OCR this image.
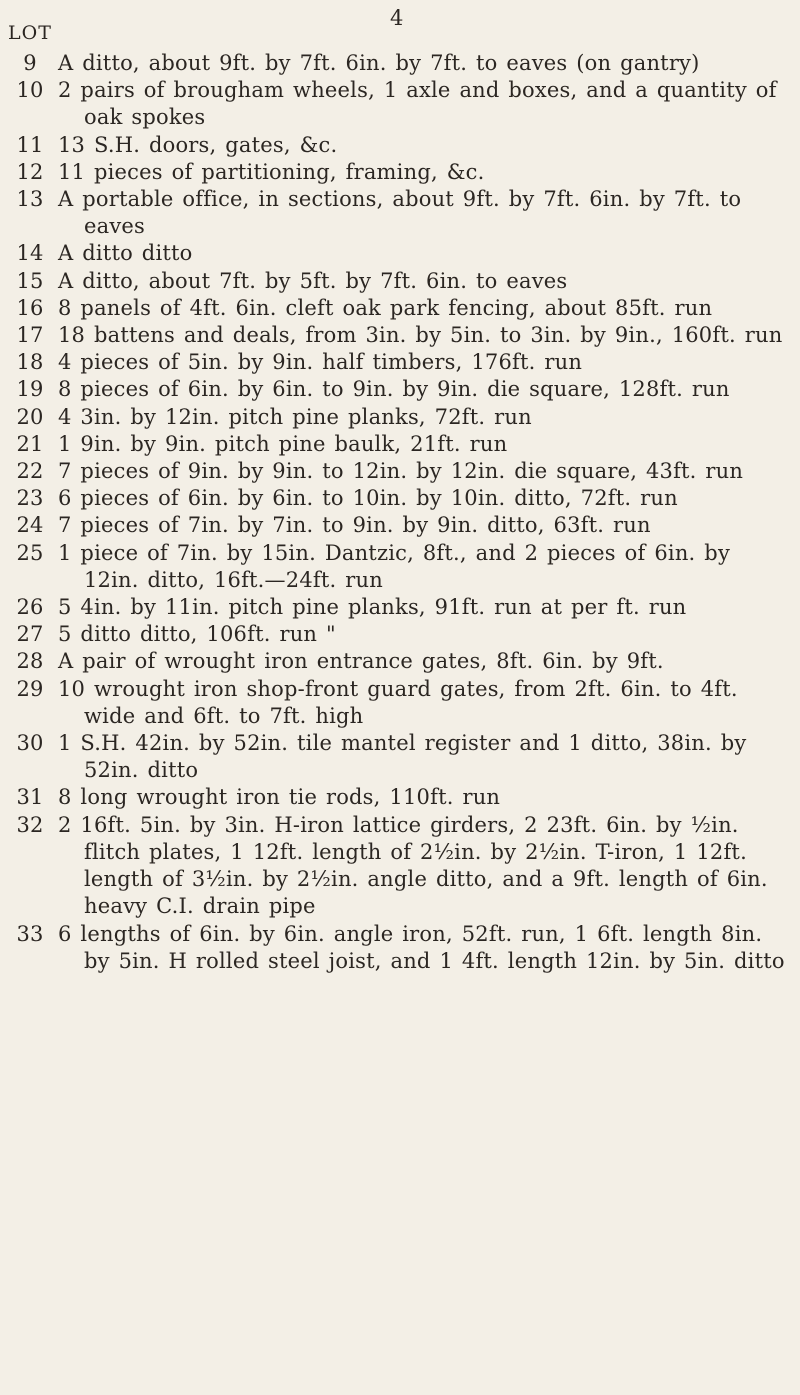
4
LOT
9	A ditto, about 9ft. by 7ft. 6in. by 7ft. to eaves (on gantry)
10 2 pairs of brougham wheels, 1 axle and boxes, and a quantity of oak spokes
11 13 S.H. doors, gates, &c.
12 11 pieces of partitioning, framing, &c.
13 A portable office, in sections, about 9ft. by 7ft. 6in. by 7ft. to eaves
14 A ditto ditto
15 A ditto, about 7ft. by 5ft. by 7ft. 6in. to eaves
16 8 panels of 4ft. 6in. cleft oak park fencing, about 85ft. run
17 18 battens and deals, from 3in. by 5in. to 3in. by 9in., 160ft. run
18 4 pieces of 5in. by 9in. half timbers, 176ft. run
19 8 pieces of 6in. by 6in. to 9in. by 9in. die square, 128ft. run
20 4 3in. by 12in. pitch pine planks, 72ft. run
21 1 9in. by 9in. pitch pine baulk, 21ft. run
22 7 pieces of 9in. by 9in. to 12in. by 12in. die square, 43ft. run
23 6 pieces of 6in. by 6in. to 10in. by 10in. ditto, 72ft. run
24 7 pieces of 7in. by 7in. to 9in. by 9in. ditto, 63ft. run
25 1 piece of 7in. by 15in. Dantzic, 8ft., and 2 pieces of 6in. by 12in. ditto, 16ft.—24ft. run
26 5 4in. by 11in. pitch pine planks, 91ft. run at per ft. run
27 5 ditto ditto, 106ft. run "
28 A pair of wrought iron entrance gates, 8ft. 6in. by 9ft.
29 10 wrought iron shop-front guard gates, from 2ft. 6in. to 4ft. wide and 6ft. to 7ft. high
30 1 S.H. 42in. by 52in. tile mantel register and 1 ditto, 38in. by 52in. ditto
31 8 long wrought iron tie rods, 110ft. run
32 2 16ft. 5in. by 3in. H-iron lattice girders, 2 23ft. 6in. by ½in. flitch plates, 1 12ft. length of 2½in. by 2½in. T-iron, 1 12ft. length of 3½in. by 2½in. angle ditto, and a 9ft. length of 6in. heavy C.I. drain pipe
33 6 lengths of 6in. by 6in. angle iron, 52ft. run, 1 6ft. length 8in. by 5in. H rolled steel joist, and 1 4ft. length 12in. by 5in. ditto
